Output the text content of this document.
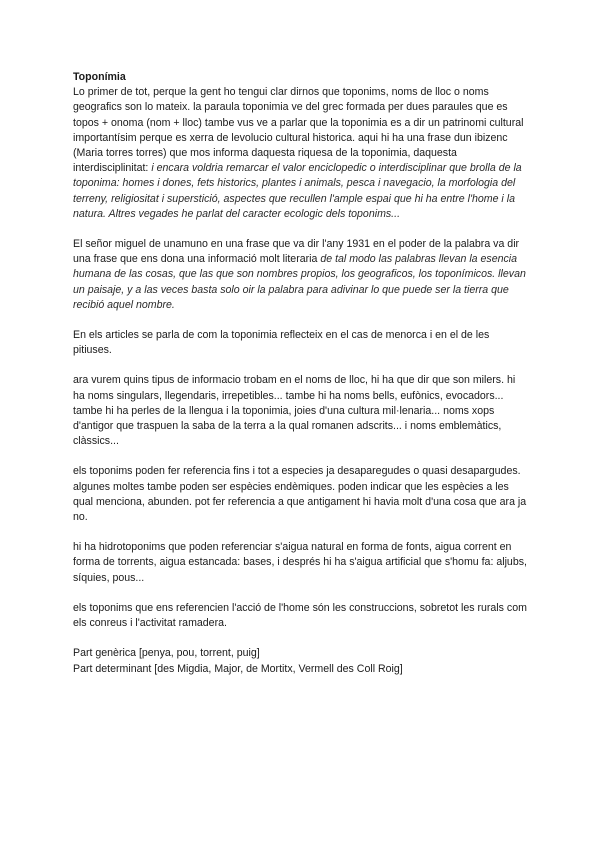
Toponímia

Lo primer de tot, perque la gent ho tengui clar dirnos que toponims, noms de lloc o noms geografics son lo mateix. la paraula toponimia ve del grec formada per dues paraules que es topos + onoma (nom + lloc) tambe vus ve a parlar que la toponimia es a dir un patrinomi cultural importantísim perque es xerra de levolucio cultural historica. aqui hi ha una frase dun ibizenc (Maria torres torres) que mos informa daquesta riquesa de la toponimia, daquesta interdisciplinitat: i encara voldria remarcar el valor enciclopedic o interdisciplinar que brolla de la toponima: homes i dones, fets historics, plantes i animals, pesca i navegacio, la morfologia del terreny, religiositat i superstició, aspectes que recullen l'ample espai que hi ha entre l'home i la natura. Altres vegades he parlat del caracter ecologic dels toponims...

El señor miguel de unamuno en una frase que va dir l'any 1931 en el poder de la palabra va dir una frase que ens dona una informació molt literaria de tal modo las palabras llevan la esencia humana de las cosas, que las que son nombres propios, los geograficos, los toponímicos. llevan un paisaje, y a las veces basta solo oir la palabra para adivinar lo que puede ser la tierra que recibió aquel nombre.

En els articles se parla de com la toponimia reflecteix en el cas de menorca i en el de les pitiuses.

ara vurem quins tipus de informacio trobam en el noms de lloc, hi ha que dir que son milers. hi ha noms singulars, llegendaris, irrepetibles... tambe hi ha noms bells, eufònics, evocadors... tambe hi ha perles de la llengua i la toponimia, joies d'una cultura mil·lenaria... noms xops d'antigor que traspuen la saba de la terra a la qual romanen adscrits... i noms emblemàtics, clàssics...

els toponims poden fer referencia fins i tot a especies ja desaparegudes o quasi desapargudes. algunes moltes tambe poden ser espècies endèmiques. poden indicar que les espècies a les qual menciona, abunden. pot fer referencia a que antigament hi havia molt d'una cosa que ara ja no.

hi ha hidrotoponims que poden referenciar s'aigua natural en forma de fonts, aigua corrent en forma de torrents, aigua estancada: bases, i després hi ha s'aigua artificial que s'homu fa: aljubs, síquies, pous...

els toponims que ens referencien l'acció de l'home són les construccions, sobretot les rurals com els conreus i l'activitat ramadera.

Part genèrica [penya, pou, torrent, puig]
Part determinant [des Migdia, Major, de Mortitx, Vermell des Coll Roig]
